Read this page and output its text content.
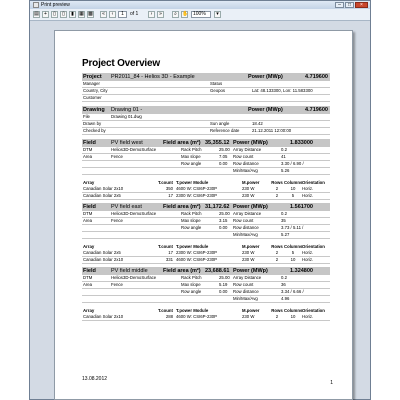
Print preview	–	□	×
▤	+	▯	▯	▮	▦ ▩	«	‹	1	of 1	›	»	⌕	✋ 100%	▾
Project Overview
Project	PR2011_84 - Helios 3D - Example	Power (MWp)	4.719600
Manager	Status
Country, City	Geopos	Lat: 48.133300, Lon: 11.583300
Customer
Drawing	Drawing 01 -	Power (MWp)	4.719600
File	Drawing 01.dwg
Drawn by	Sun angle	18.42
Checked by	Reference date	21.12.2011 12:00:00
Field	PV field west	Field area (m²) 35,355.12 Power (MWp)	1.833000
DTM	Helios3D-DemoSurface	Rack Pitch	25.00 Array Distance	0.2
Area	Fence	Max slope	7.05	Row count	41
Row angle	0.00	Row distance	3.30 / 6.90 /
Min/Max/Avg	5.26
Array	T.count T.power Module	M.power	Rows Columns Orientation
Canadian Solar 2x10	350 4600 W: CSI6P-230P	230 W	2	10	Horiz.
Canadian Solar 2x5	17 2300 W: CSI6P-230P	230 W	2	5	Horiz.
Field	PV field east	Field area (m²) 31,172.62 Power (MWp)	1.561700
DTM	Helios3D-DemoSurface	Rack Pitch	25.00 Array Distance	0.2
Area	Fence	Max slope	3.15	Row count	35
Row angle	0.00	Row distance	3.73 / 5.11 /
Min/Max/Avg	5.27
Array	T.count T.power Module	M.power	Rows Columns Orientation
Canadian Solar 2x5	17 2300 W: CSI6P-230P	230 W	2	5	Horiz.
Canadian Solar 2x10	331 4600 W: CSI6P-230P	230 W	2	10	Horiz.
Field	PV field middle	Field area (m²) 23,688.61 Power (MWp)	1.324800
DTM	Helios3D-DemoSurface	Rack Pitch	25.00 Array Distance	0.2
Area	Fence	Max slope	5.19	Row count	36
Row angle	0.00	Row distance	3.34 / 6.66 /
Min/Max/Avg	4.96
Array	T.count T.power Module	M.power	Rows Columns Orientation
Canadian Solar 2x10	288 4600 W: CSI6P-230P	230 W	2	10	Horiz.
13.08.2012
1
